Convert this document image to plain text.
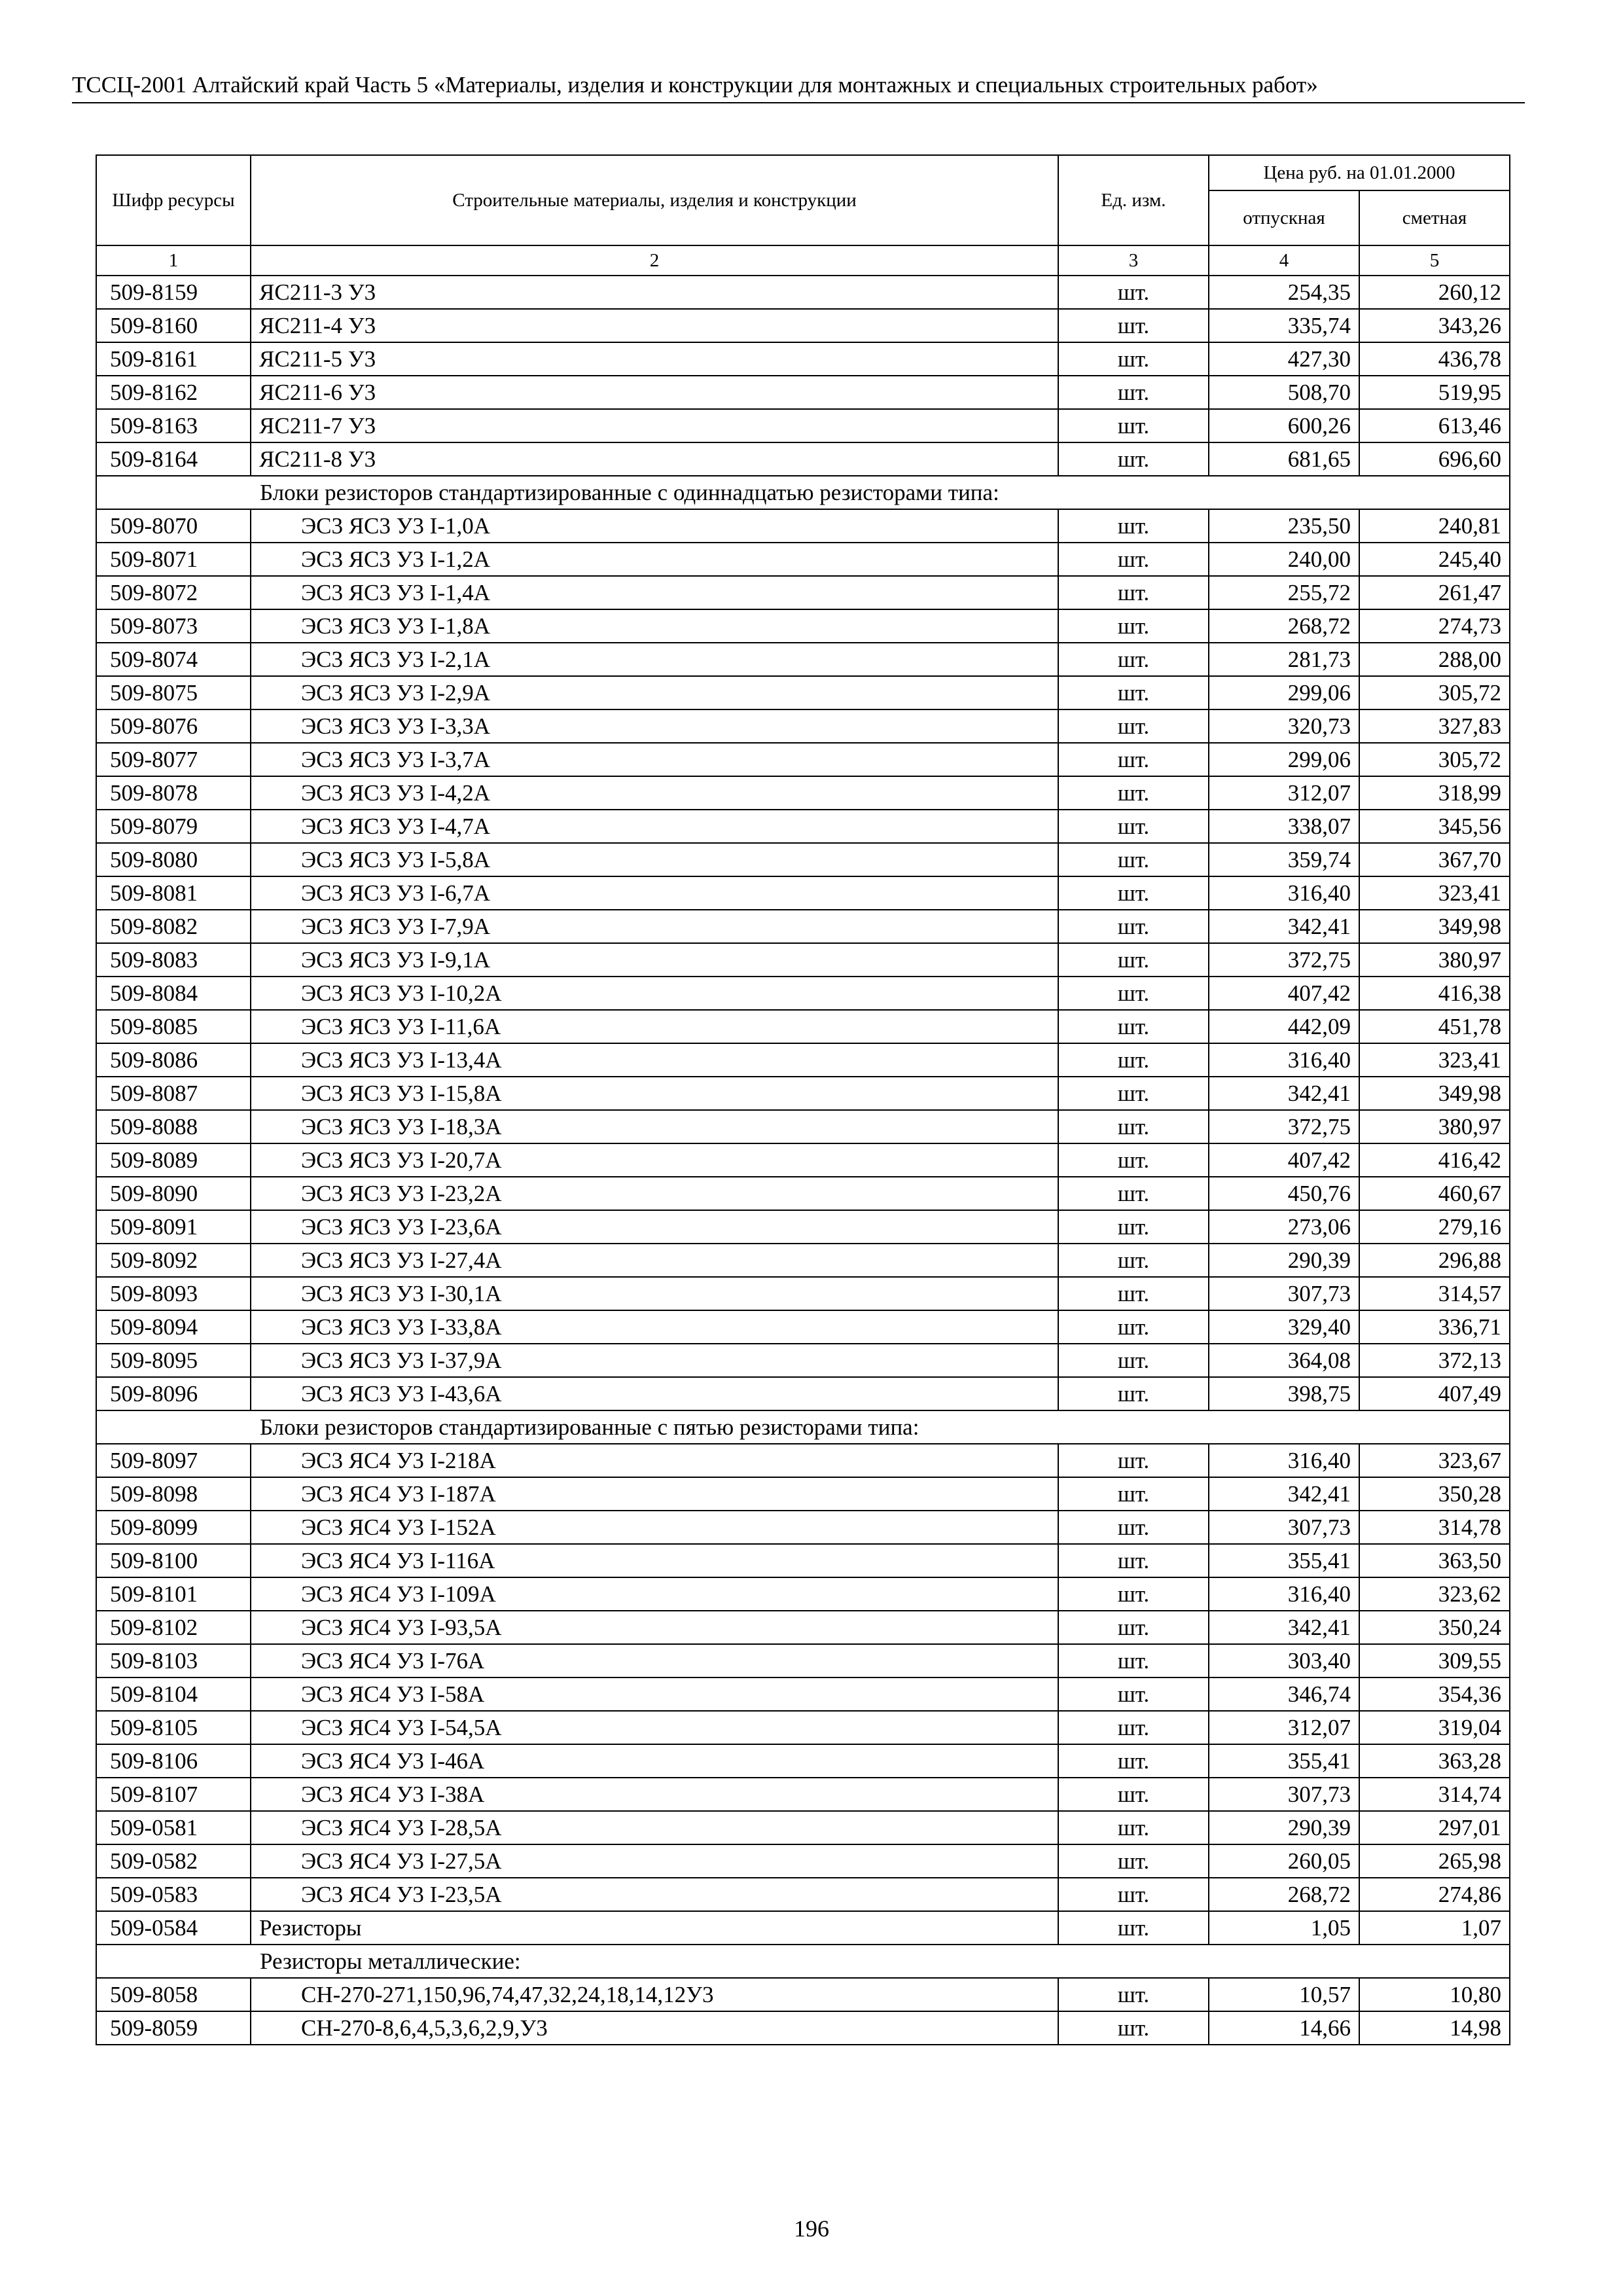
ТССЦ-2001 Алтайский край Часть 5 «Материалы, изделия и конструкции для монтажных и специальных строительных работ»
Шифр ресурсы	Строительные материалы, изделия и конструкции	Ед. изм.	Цена руб. на 01.01.2000	
			отпускная	сметная
1	2	3	4	5
509-8159	ЯС211-3 У3	шт.	254,35	260,12
509-8160	ЯС211-4 У3	шт.	335,74	343,26
509-8161	ЯС211-5 У3	шт.	427,30	436,78
509-8162	ЯС211-6 У3	шт.	508,70	519,95
509-8163	ЯС211-7 У3	шт.	600,26	613,46
509-8164	ЯС211-8 У3	шт.	681,65	696,60
	Блоки резисторов стандартизированные с одиннадцатью резисторами типа:			
509-8070	ЭС3 ЯС3 У3 I-1,0А	шт.	235,50	240,81
509-8071	ЭС3 ЯС3 У3 I-1,2А	шт.	240,00	245,40
509-8072	ЭС3 ЯС3 У3 I-1,4А	шт.	255,72	261,47
509-8073	ЭС3 ЯС3 У3 I-1,8А	шт.	268,72	274,73
509-8074	ЭС3 ЯС3 У3 I-2,1А	шт.	281,73	288,00
509-8075	ЭС3 ЯС3 У3 I-2,9А	шт.	299,06	305,72
509-8076	ЭС3 ЯС3 У3 I-3,3А	шт.	320,73	327,83
509-8077	ЭС3 ЯС3 У3 I-3,7А	шт.	299,06	305,72
509-8078	ЭС3 ЯС3 У3 I-4,2А	шт.	312,07	318,99
509-8079	ЭС3 ЯС3 У3 I-4,7А	шт.	338,07	345,56
509-8080	ЭС3 ЯС3 У3 I-5,8А	шт.	359,74	367,70
509-8081	ЭС3 ЯС3 У3 I-6,7А	шт.	316,40	323,41
509-8082	ЭС3 ЯС3 У3 I-7,9А	шт.	342,41	349,98
509-8083	ЭС3 ЯС3 У3 I-9,1А	шт.	372,75	380,97
509-8084	ЭС3 ЯС3 У3 I-10,2А	шт.	407,42	416,38
509-8085	ЭС3 ЯС3 У3 I-11,6А	шт.	442,09	451,78
509-8086	ЭС3 ЯС3 У3 I-13,4А	шт.	316,40	323,41
509-8087	ЭС3 ЯС3 У3 I-15,8А	шт.	342,41	349,98
509-8088	ЭС3 ЯС3 У3 I-18,3А	шт.	372,75	380,97
509-8089	ЭС3 ЯС3 У3 I-20,7А	шт.	407,42	416,42
509-8090	ЭС3 ЯС3 У3 I-23,2А	шт.	450,76	460,67
509-8091	ЭС3 ЯС3 У3 I-23,6А	шт.	273,06	279,16
509-8092	ЭС3 ЯС3 У3 I-27,4А	шт.	290,39	296,88
509-8093	ЭС3 ЯС3 У3 I-30,1А	шт.	307,73	314,57
509-8094	ЭС3 ЯС3 У3 I-33,8А	шт.	329,40	336,71
509-8095	ЭС3 ЯС3 У3 I-37,9А	шт.	364,08	372,13
509-8096	ЭС3 ЯС3 У3 I-43,6А	шт.	398,75	407,49
	Блоки резисторов стандартизированные с пятью резисторами типа:			
509-8097	ЭС3 ЯС4 У3 I-218А	шт.	316,40	323,67
509-8098	ЭС3 ЯС4 У3 I-187А	шт.	342,41	350,28
509-8099	ЭС3 ЯС4 У3 I-152А	шт.	307,73	314,78
509-8100	ЭС3 ЯС4 У3 I-116А	шт.	355,41	363,50
509-8101	ЭС3 ЯС4 У3 I-109А	шт.	316,40	323,62
509-8102	ЭС3 ЯС4 У3 I-93,5А	шт.	342,41	350,24
509-8103	ЭС3 ЯС4 У3 I-76А	шт.	303,40	309,55
509-8104	ЭС3 ЯС4 У3 I-58А	шт.	346,74	354,36
509-8105	ЭС3 ЯС4 У3 I-54,5А	шт.	312,07	319,04
509-8106	ЭС3 ЯС4 У3 I-46А	шт.	355,41	363,28
509-8107	ЭС3 ЯС4 У3 I-38А	шт.	307,73	314,74
509-0581	ЭС3 ЯС4 У3 I-28,5А	шт.	290,39	297,01
509-0582	ЭС3 ЯС4 У3 I-27,5А	шт.	260,05	265,98
509-0583	ЭС3 ЯС4 У3 I-23,5А	шт.	268,72	274,86
509-0584	Резисторы	шт.	1,05	1,07
	Резисторы металлические:			
509-8058	СН-270-271,150,96,74,47,32,24,18,14,12У3	шт.	10,57	10,80
509-8059	СН-270-8,6,4,5,3,6,2,9,У3	шт.	14,66	14,98
196
